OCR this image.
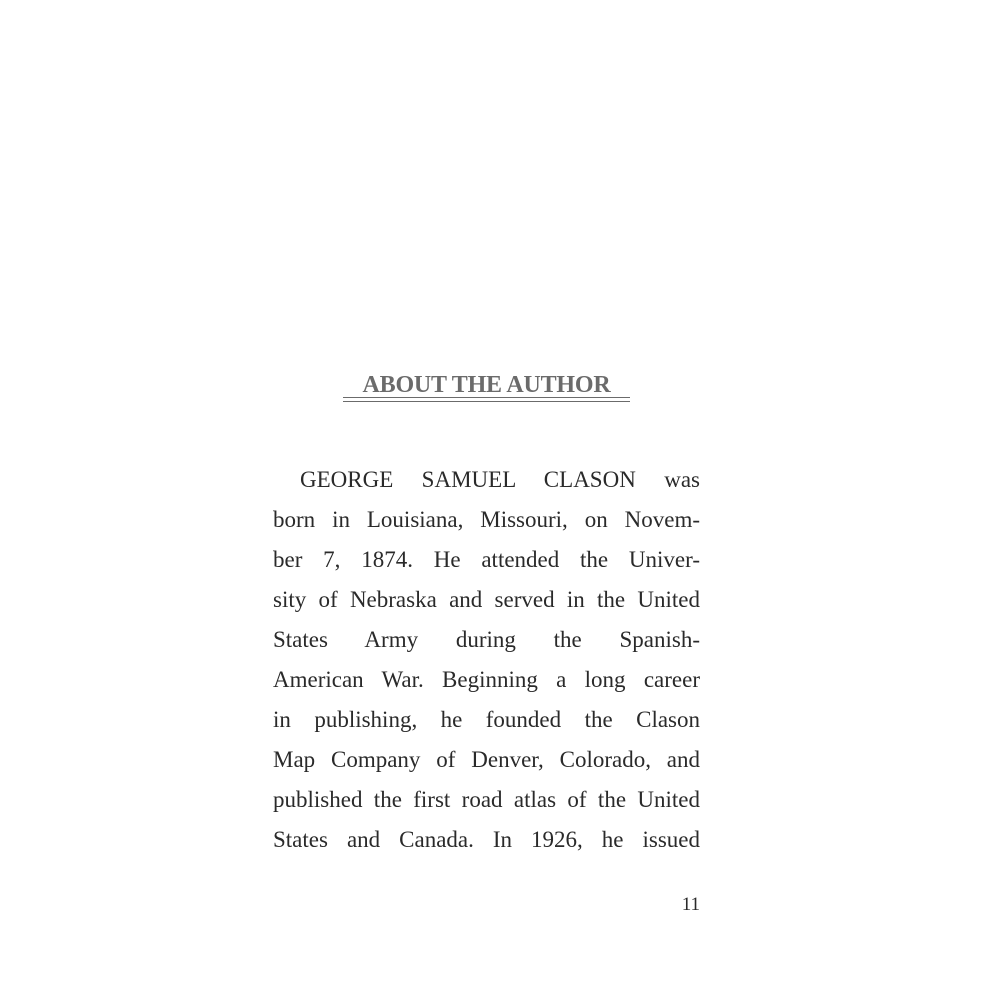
ABOUT THE AUTHOR
GEORGE SAMUEL CLASON was
born in Louisiana, Missouri, on Novem-
ber 7, 1874. He attended the Univer-
sity of Nebraska and served in the United
States Army during the Spanish-
American War. Beginning a long career
in publishing, he founded the Clason
Map Company of Denver, Colorado, and
published the first road atlas of the United
States and Canada. In 1926, he issued
11
